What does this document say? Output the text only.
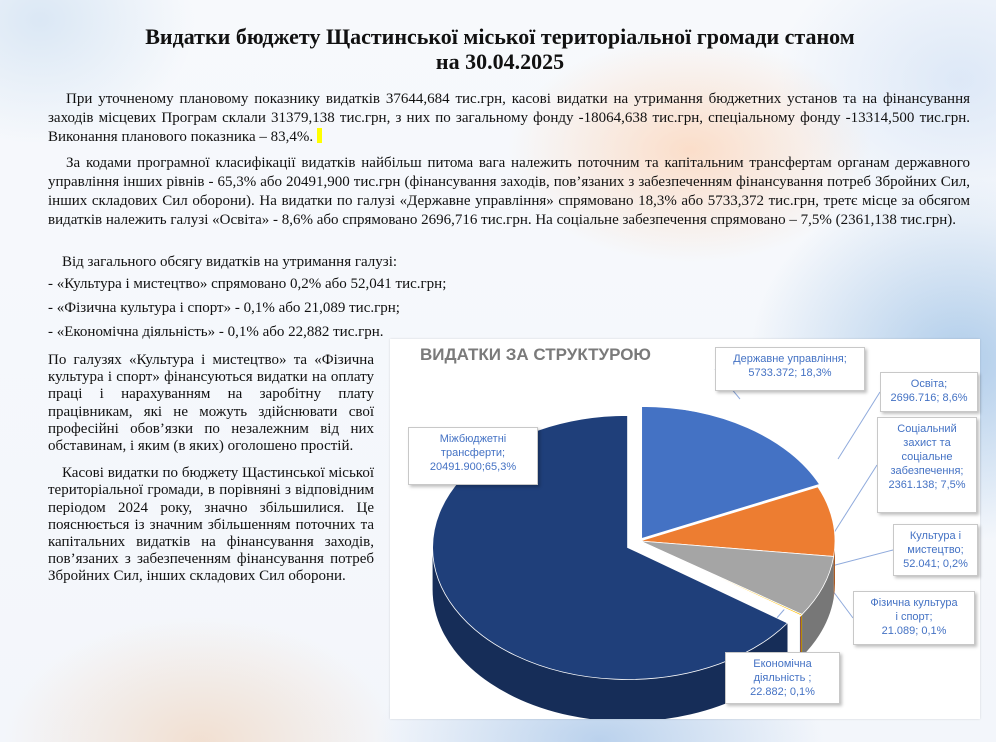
Видатки бюджету Щастинської міської територіальної громади станом
на 30.04.2025

При уточненому плановому показнику видатків 37644,684 тис.грн, касові видатки на утримання бюджетних установ та на фінансування заходів місцевих Програм склали 31379,138 тис.грн, з них по загальному фонду -18064,638 тис.грн, спеціальному фонду -13314,500 тис.грн. Виконання планового показника – 83,4%.

За кодами програмної класифікації видатків найбільш питома вага належить поточним та капітальним трансфертам органам державного управління інших рівнів - 65,3% або 20491,900 тис.грн (фінансування заходів, пов’язаних з забезпеченням фінансування потреб Збройних Сил, інших складових Сил оборони). На видатки по галузі «Державне управління» спрямовано 18,3% або 5733,372 тис.грн, третє місце за обсягом видатків належить галузі «Освіта» - 8,6% або спрямовано 2696,716 тис.грн. На соціальне забезпечення спрямовано – 7,5% (2361,138 тис.грн).

Від загального обсягу видатків на утримання галузі:

- «Культура і мистецтво» спрямовано 0,2% або 52,041 тис.грн;

- «Фізична культура і спорт» - 0,1% або 21,089 тис.грн;

- «Економічна діяльність» - 0,1% або 22,882 тис.грн.

По галузях «Культура і мистецтво» та «Фізична культура і спорт» фінансуються видатки на оплату праці і нарахуванням на заробітну плату працівникам, які не можуть здійснювати свої професійні обов’язки по незалежним від них обставинам, і яким (в яких) оголошено простій.

Касові видатки по бюджету Щастинської міської територіальної громади, в порівняні з відповідним періодом 2024 року, значно збільшилися. Це пояснюється із значним збільшенням поточних та капітальних видатків на фінансування заходів, пов’язаних з забезпеченням фінансування потреб Збройних Сил, інших складових Сил оборони.

ВИДАТКИ ЗА СТРУКТУРОЮ
Міжбюджетні
трансферти;
20491.900;65,3%
Державне управління;
5733.372; 18,3%
Освіта;
2696.716; 8,6%
Соціальний
захист та
соціальне
забезпечення;
2361.138; 7,5%
Культура і
мистецтво;
52.041; 0,2%
Фізична культура
і спорт;
21.089; 0,1%
Економічна
діяльність ;
22.882; 0,1%
